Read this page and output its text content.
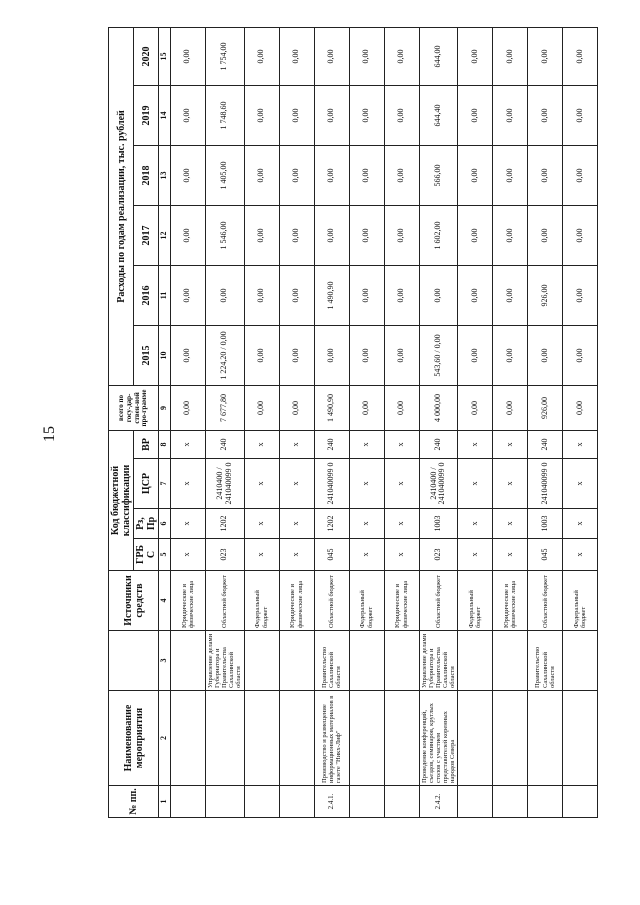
15
№ пп.	Наименование мероприятия		Источники средств	Код бюджетной классификации				всего по госу-дар-ствен-ной про-грамме	Расходы по годам реализации, тыс. рублей					
				ГРБ С	Рз, Пр	ЦСР	ВР		2015	2016	2017	2018	2019	2020
1	2	3	4	5	6	7	8	9	10	11	12	13	14	15
			Юридические и физические лица	х	х	х	х	0,00	0,00	0,00	0,00	0,00	0,00	0,00
		Управление делами Губернатора и Правительства Сахалинской области	Областной бюджет	023	1202	2410400 / 241040099 0	240	7 677,80	1 224,20 / 0,00	0,00	1 546,00	1 405,00	1 748,60	1 754,00
			Федеральный бюджет	х	х	х	х	0,00	0,00	0,00	0,00	0,00	0,00	0,00
			Юридические и физические лица	х	х	х	х	0,00	0,00	0,00	0,00	0,00	0,00	0,00
2.4.1.	Производство и размещение информационных материалов в газете "Никх-Лиф"	Правительство Сахалинской области	Областной бюджет	045	1202	241040099 0	240	1 490,90	0,00	1 490,90	0,00	0,00	0,00	0,00
			Федеральный бюджет	х	х	х	х	0,00	0,00	0,00	0,00	0,00	0,00	0,00
			Юридические и физические лица	х	х	х	х	0,00	0,00	0,00	0,00	0,00	0,00	0,00
2.4.2.	Проведение конференций, съездов, семинаров, круглых столов с участием представителей коренных народов Севера	Управление делами Губернатора и Правительства Сахалинской области	Областной бюджет	023	1003	2410400 / 241040099 0	240	4 000,00	543,60 / 0,00	0,00	1 602,00	566,00	644,40	644,00
			Федеральный бюджет	х	х	х	х	0,00	0,00	0,00	0,00	0,00	0,00	0,00
			Юридические и физические лица	х	х	х	х	0,00	0,00	0,00	0,00	0,00	0,00	0,00
		Правительство Сахалинской области	Областной бюджет	045	1003	241040099 0	240	926,00	0,00	926,00	0,00	0,00	0,00	0,00
			Федеральный бюджет	х	х	х	х	0,00	0,00	0,00	0,00	0,00	0,00	0,00
